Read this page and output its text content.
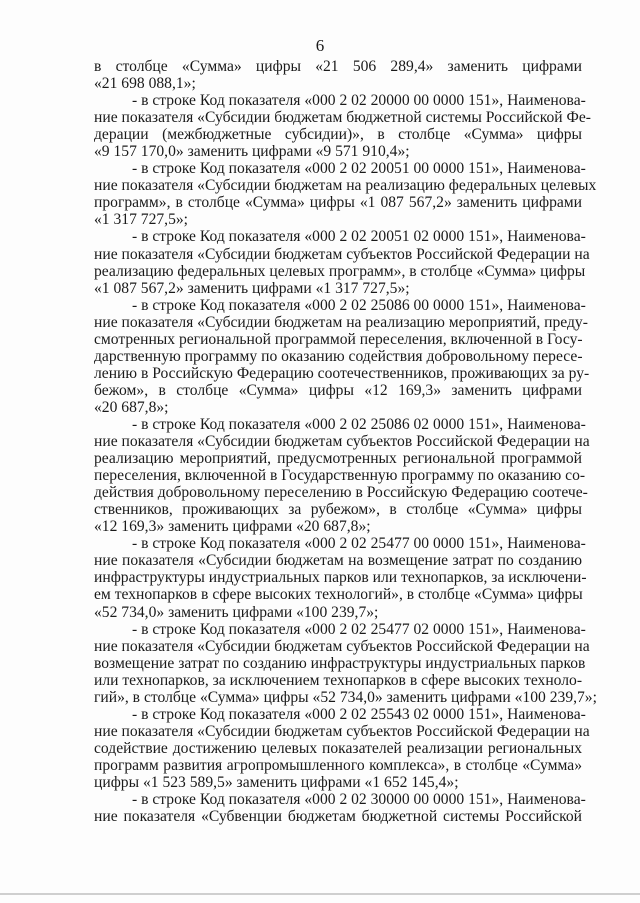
6
в столбце «Сумма» цифры «21 506 289,4» заменить цифрами
«21 698 088,1»;
- в строке Код показателя «000 2 02 20000 00 0000 151», Наименова-
ние показателя «Субсидии бюджетам бюджетной системы Российской Фе-
дерации (межбюджетные субсидии)», в столбце «Сумма» цифры
«9 157 170,0» заменить цифрами «9 571 910,4»;
- в строке Код показателя «000 2 02 20051 00 0000 151», Наименова-
ние показателя «Субсидии бюджетам на реализацию федеральных целевых
программ», в столбце «Сумма» цифры «1 087 567,2» заменить цифрами
«1 317 727,5»;
- в строке Код показателя «000 2 02 20051 02 0000 151», Наименова-
ние показателя «Субсидии бюджетам субъектов Российской Федерации на
реализацию федеральных целевых программ», в столбце «Сумма» цифры
«1 087 567,2» заменить цифрами «1 317 727,5»;
- в строке Код показателя «000 2 02 25086 00 0000 151», Наименова-
ние показателя «Субсидии бюджетам на реализацию мероприятий, преду-
смотренных региональной программой переселения, включенной в Госу-
дарственную программу по оказанию содействия добровольному пересе-
лению в Российскую Федерацию соотечественников, проживающих за ру-
бежом», в столбце «Сумма» цифры «12 169,3» заменить цифрами
«20 687,8»;
- в строке Код показателя «000 2 02 25086 02 0000 151», Наименова-
ние показателя «Субсидии бюджетам субъектов Российской Федерации на
реализацию мероприятий, предусмотренных региональной программой
переселения, включенной в Государственную программу по оказанию со-
действия добровольному переселению в Российскую Федерацию соотече-
ственников, проживающих за рубежом», в столбце «Сумма» цифры
«12 169,3» заменить цифрами «20 687,8»;
- в строке Код показателя «000 2 02 25477 00 0000 151», Наименова-
ние показателя «Субсидии бюджетам на возмещение затрат по созданию
инфраструктуры индустриальных парков или технопарков, за исключени-
ем технопарков в сфере высоких технологий», в столбце «Сумма» цифры
«52 734,0» заменить цифрами «100 239,7»;
- в строке Код показателя «000 2 02 25477 02 0000 151», Наименова-
ние показателя «Субсидии бюджетам субъектов Российской Федерации на
возмещение затрат по созданию инфраструктуры индустриальных парков
или технопарков, за исключением технопарков в сфере высоких техноло-
гий», в столбце «Сумма» цифры «52 734,0» заменить цифрами «100 239,7»;
- в строке Код показателя «000 2 02 25543 02 0000 151», Наименова-
ние показателя «Субсидии бюджетам субъектов Российской Федерации на
содействие достижению целевых показателей реализации региональных
программ развития агропромышленного комплекса», в столбце «Сумма»
цифры «1 523 589,5» заменить цифрами «1 652 145,4»;
- в строке Код показателя «000 2 02 30000 00 0000 151», Наименова-
ние показателя «Субвенции бюджетам бюджетной системы Российской
